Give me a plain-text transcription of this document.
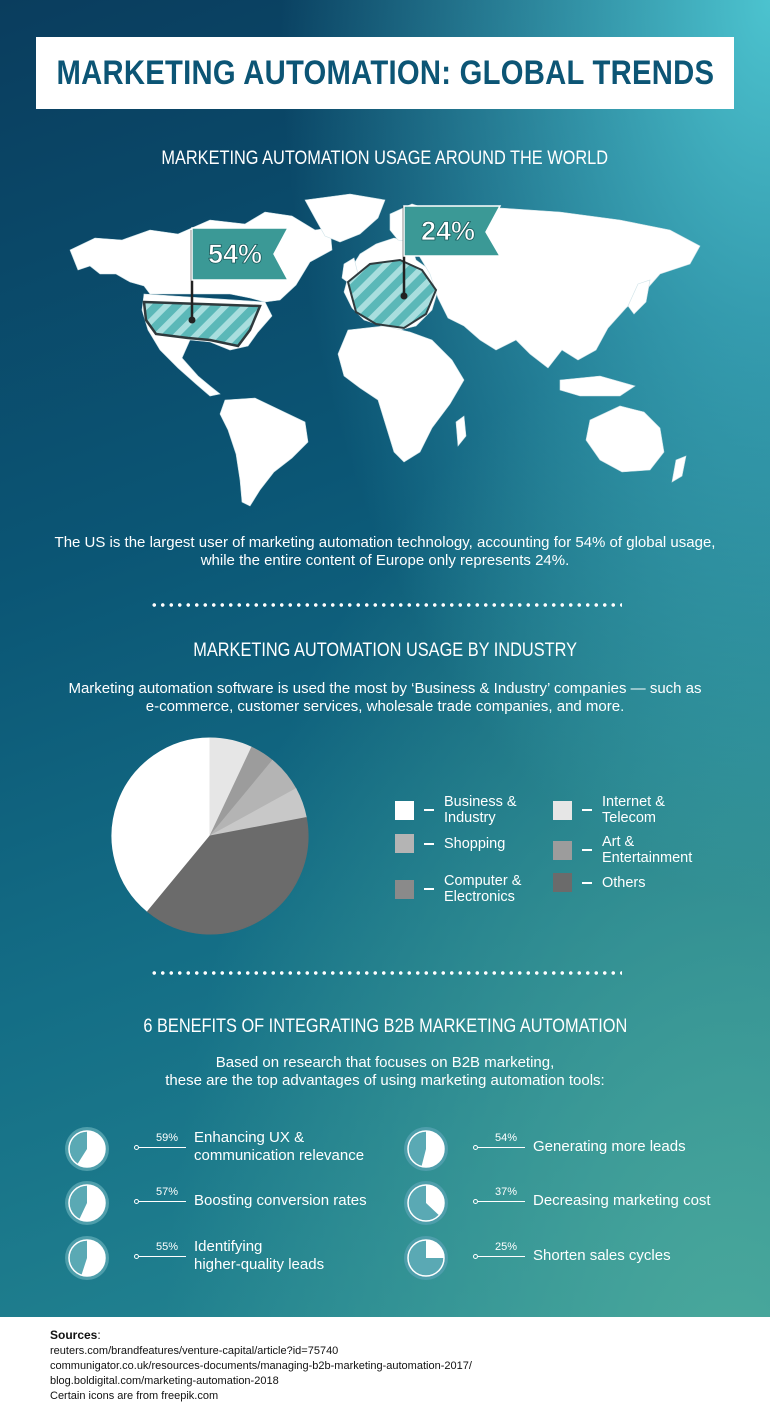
MARKETING AUTOMATION: GLOBAL TRENDS
MARKETING AUTOMATION USAGE AROUND THE WORLD
54%
24%
The US is the largest user of marketing automation technology, accounting for 54% of global usage,
while the entire content of Europe only represents 24%.
MARKETING AUTOMATION USAGE BY INDUSTRY
Marketing automation software is used the most by ‘Business & Industry’ companies — such as
e-commerce, customer services, wholesale trade companies, and more.
Business &
Industry
Internet &
Telecom
Shopping	Art &
Entertainment
Computer &
Electronics
Others
6 BENEFITS OF INTEGRATING B2B MARKETING AUTOMATION
Based on research that focuses on B2B marketing,
these are the top advantages of using marketing automation tools:
59% Enhancing UX &
communication relevance
57% Boosting conversion rates
55% Identifying
higher-quality leads
54% Generating more leads
37% Decreasing marketing cost
25% Shorten sales cycles
Sources:
reuters.com/brandfeatures/venture-capital/article?id=75740
communigator.co.uk/resources-documents/managing-b2b-marketing-automation-2017/
blog.boldigital.com/marketing-automation-2018
Certain icons are from freepik.com
